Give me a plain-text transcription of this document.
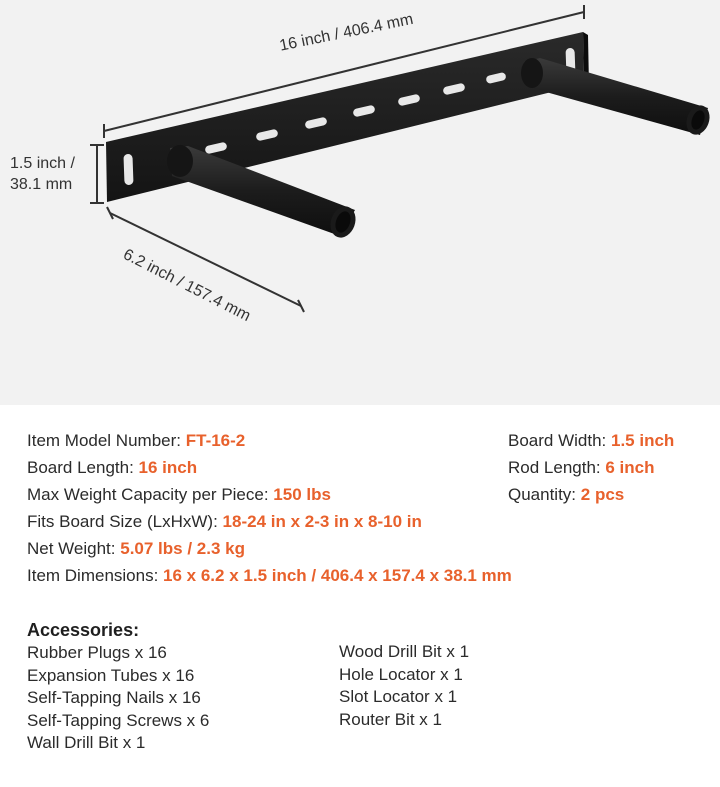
16 inch / 406.4 mm
1.5 inch /
38.1 mm
6.2 inch / 157.4 mm
Item Model Number: FT-16-2
Board Length: 16 inch
Max Weight Capacity per Piece: 150 lbs
Fits Board Size (LxHxW): 18-24 in x 2-3 in x 8-10 in
Net Weight: 5.07 lbs / 2.3 kg
Item Dimensions: 16 x 6.2 x 1.5 inch / 406.4 x 157.4 x 38.1 mm
Board Width: 1.5 inch
Rod Length: 6 inch
Quantity: 2 pcs
Accessories:
Rubber Plugs x 16
Expansion Tubes x 16
Self-Tapping Nails x 16
Self-Tapping Screws x 6
Wall Drill Bit x 1
Wood Drill Bit x 1
Hole Locator x 1
Slot Locator x 1
Router Bit x 1
